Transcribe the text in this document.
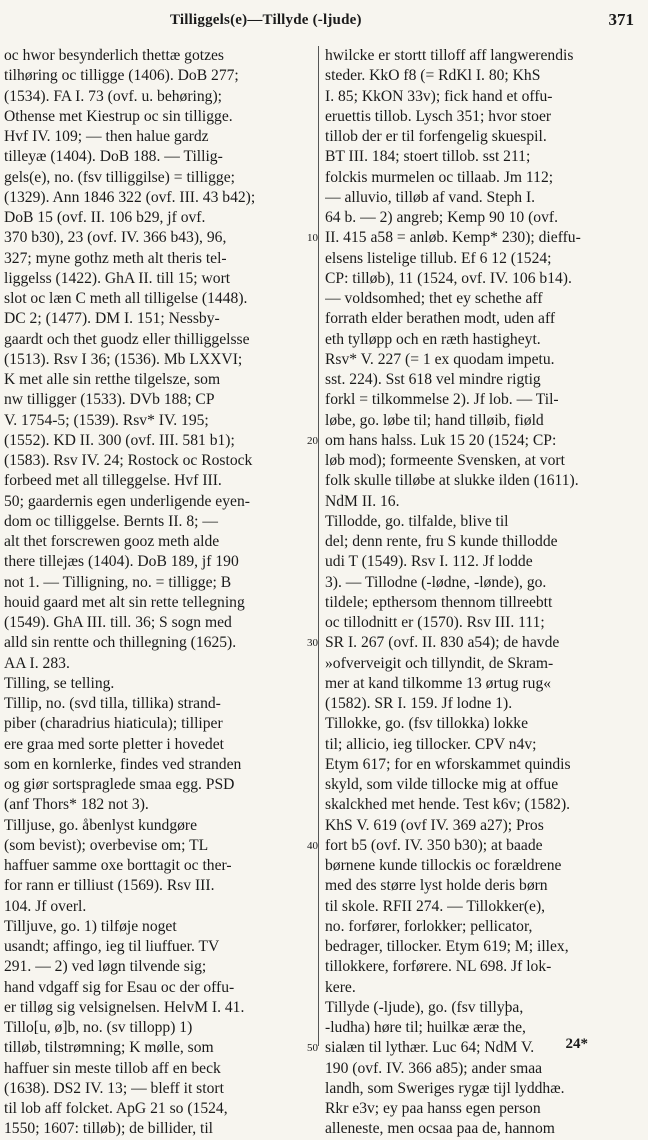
Tilliggels(e)—Tillyde (-ljude)	371
oc hwor besynderlich thettæ gotzes
tilhøring oc tilligge (1406). DoB 277;
(1534). FA I. 73 (ovf. u. behøring);
Othense met Kiestrup oc sin tilligge.
Hvf IV. 109; — then halue gardz
tilleyæ (1404). DoB 188. — Tillig-
gels(e), no. (fsv tilliggilse) = tilligge;
(1329). Ann 1846 322 (ovf. III. 43 b42);
DoB 15 (ovf. II. 106 b29, jf ovf.
370 b30), 23 (ovf. IV. 366 b43), 96,
327; myne gothz meth alt theris tel-
liggelss (1422). GhA II. till 15; wort
slot oc læn C meth all tilligelse (1448).
DC 2; (1477). DM I. 151; Nessby-
gaardt och thet guodz eller thilliggelsse
(1513). Rsv I 36; (1536). Mb LXXVI;
K met alle sin retthe tilgelsze, som
nw tilligger (1533). DVb 188; CP
V. 1754-5; (1539). Rsv* IV. 195;
(1552). KD II. 300 (ovf. III. 581 b1);
(1583). Rsv IV. 24; Rostock oc Rostock
forbeed met all tilleggelse. Hvf III.
50; gaardernis egen underligende eyen-
dom oc tilliggelse. Bernts II. 8; —
alt thet forscrewen gooz meth alde
there tillejæs (1404). DoB 189, jf 190
not 1. — Tilligning, no. = tilligge; B
houid gaard met alt sin rette tellegning
(1549). GhA III. till. 36; S sogn med
alld sin rentte och thillegning (1625).
AA I. 283.
Tilling, se telling.
Tillip, no. (svd tilla, tillika) strand-
piber (charadrius hiaticula); tilliper
ere graa med sorte pletter i hovedet
som en kornlerke, findes ved stranden
og giør sortspraglede smaa egg. PSD
(anf Thors* 182 not 3).
Tilljuse, go. åbenlyst kundgøre
(som bevist); overbevise om; TL
haffuer samme oxe borttagit oc ther-
for rann er tilliust (1569). Rsv III.
104. Jf overl.
Tilljuve, go. 1) tilføje noget
usandt; affingo, ieg til liuffuer. TV
291. — 2) ved løgn tilvende sig;
hand vdgaff sig for Esau oc der offu-
er tilløg sig velsignelsen. HelvM I. 41.
Tillo[u, ø]b, no. (sv tillopp) 1)
tilløb, tilstrømning; K mølle, som
haffuer sin meste tillob aff en beck
(1638). DS2 IV. 13; — bleff it stort
til lob aff folcket. ApG 21 so (1524,
1550; 1607: tilløb); de billider, til
10
20
30
40
50
hwilcke er stortt tilloff aff langwerendis
steder. KkO f8 (= RdKl I. 80; KhS
I. 85; KkON 33v); fick hand et offu-
eruettis tillob. Lysch 351; hvor stoer
tillob der er til forfengelig skuespil.
BT III. 184; stoert tillob. sst 211;
folckis murmelen oc tillaab. Jm 112;
— alluvio, tilløb af vand. Steph I.
64 b. — 2) angreb; Kemp 90 10 (ovf.
II. 415 a58 = anløb. Kemp* 230); dieffu-
elsens listelige tillub. Ef 6 12 (1524;
CP: tilløb), 11 (1524, ovf. IV. 106 b14).
— voldsomhed; thet ey schethe aff
forrath elder berathen modt, uden aff
eth tylløpp och en ræth hastigheyt.
Rsv* V. 227 (= 1 ex quodam impetu.
sst. 224). Sst 618 vel mindre rigtig
forkl = tilkommelse 2). Jf lob. — Til-
løbe, go. løbe til; hand tilløib, fiøld
om hans halss. Luk 15 20 (1524; CP:
løb mod); formeente Svensken, at vort
folk skulle tilløbe at slukke ilden (1611).
NdM II. 16.
Tillodde, go. tilfalde, blive til
del; denn rente, fru S kunde thillodde
udi T (1549). Rsv I. 112. Jf lodde
3). — Tillodne (-lødne, -lønde), go.
tildele; epthersom thennom tillreebtt
oc tillodnitt er (1570). Rsv III. 111;
SR I. 267 (ovf. II. 830 a54); de havde
»ofverveigit och tillyndit, de Skram-
mer at kand tilkomme 13 ørtug rug«
(1582). SR I. 159. Jf lodne 1).
Tillokke, go. (fsv tillokka) lokke
til; allicio, ieg tillocker. CPV n4v;
Etym 617; for en wforskammet quindis
skyld, som vilde tillocke mig at offue
skalckhed met hende. Test k6v; (1582).
KhS V. 619 (ovf IV. 369 a27); Pros
fort b5 (ovf. IV. 350 b30); at baade
børnene kunde tillockis oc forældrene
med des større lyst holde deris børn
til skole. RFII 274. — Tillokker(e),
no. forfører, forlokker; pellicator,
bedrager, tillocker. Etym 619; M; illex,
tillokkere, forførere. NL 698. Jf lok-
kere.
Tillyde (-ljude), go. (fsv tillyþa,
-ludha) høre til; huilkæ æræ the,
sialæn til lythær. Luc 64; NdM V.
190 (ovf. IV. 366 a85); ander smaa
landh, som Sweriges rygæ tijl lyddhæ.
Rkr e3v; ey paa hanss egen person
alleneste, men ocsaa paa de, hannom
24*
